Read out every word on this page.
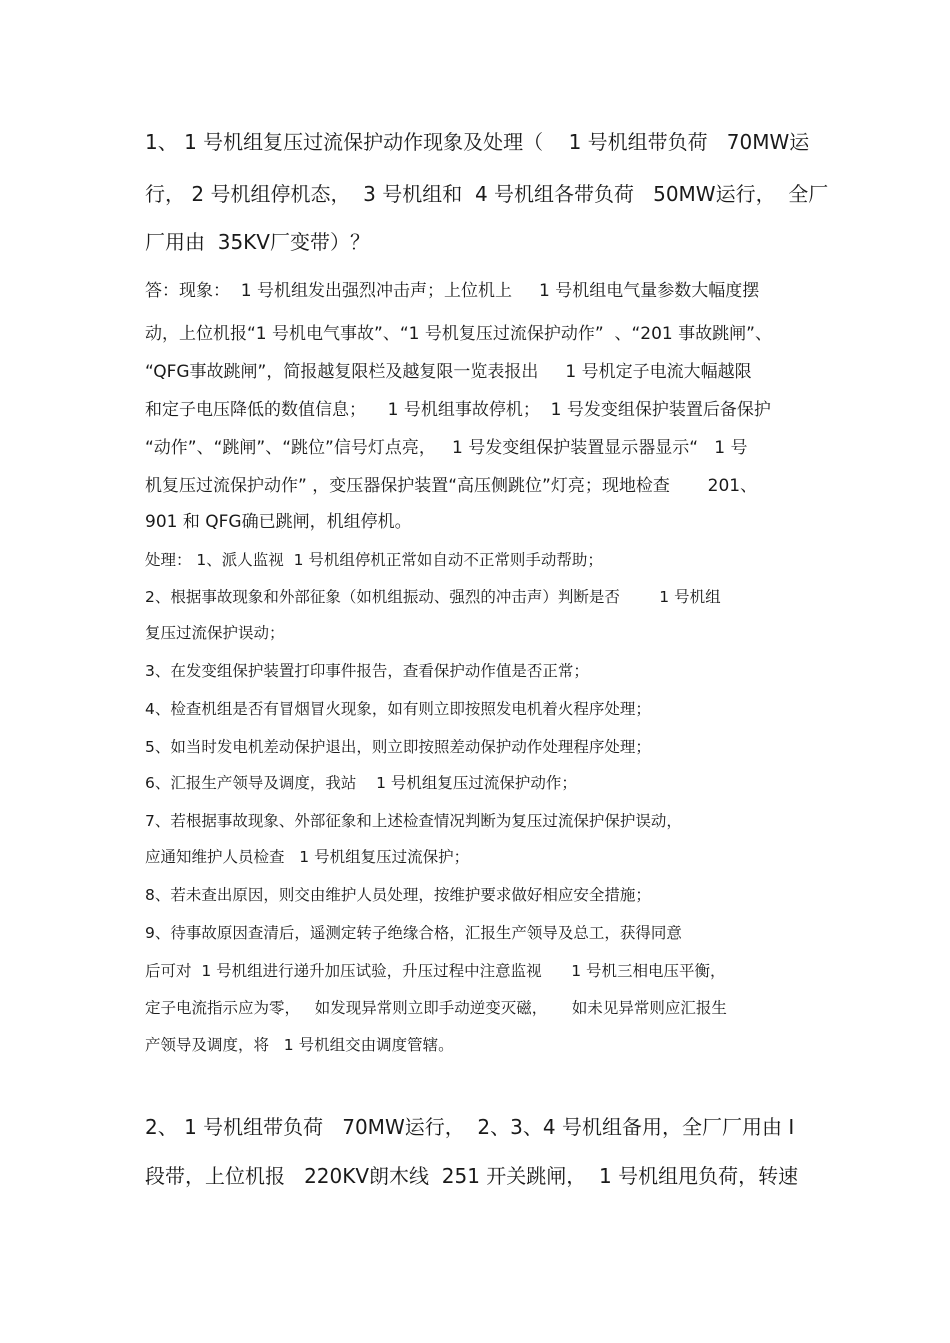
1、 1 号机组复压过流保护动作现象及处理（    1 号机组带负荷   70MW运
行， 2 号机组停机态，  3 号机组和  4 号机组各带负荷   50MW运行，  全厂
厂用由  35KV厂变带）？
答：现象：  1 号机组发出强烈冲击声；上位机上     1 号机组电气量参数大幅度摆
动，上位机报“1 号机电气事故”、“1 号机复压过流保护动作”  、“201 事故跳闸”、
“QFG事故跳闸”，简报越复限栏及越复限一览表报出     1 号机定子电流大幅越限
和定子电压降低的数值信息；    1 号机组事故停机；  1 号发变组保护装置后备保护
“动作”、“跳闸”、“跳位”信号灯点亮，   1 号发变组保护装置显示器显示“   1 号
机复压过流保护动作” ，变压器保护装置“高压侧跳位”灯亮；现地检查       201、
901 和 QFG确已跳闸，机组停机。
处理： 1、派人监视  1 号机组停机正常如自动不正常则手动帮助；
2、根据事故现象和外部征象（如机组振动、强烈的冲击声）判断是否        1 号机组
复压过流保护误动；
3、在发变组保护装置打印事件报告，查看保护动作值是否正常；
4、检查机组是否有冒烟冒火现象，如有则立即按照发电机着火程序处理；
5、如当时发电机差动保护退出，则立即按照差动保护动作处理程序处理；
6、汇报生产领导及调度，我站    1 号机组复压过流保护动作；
7、若根据事故现象、外部征象和上述检查情况判断为复压过流保护保护误动，
应通知维护人员检查   1 号机组复压过流保护；
8、若未查出原因，则交由维护人员处理，按维护要求做好相应安全措施；
9、待事故原因查清后，遥测定转子绝缘合格，汇报生产领导及总工，获得同意
后可对  1 号机组进行递升加压试验，升压过程中注意监视      1 号机三相电压平衡，
定子电流指示应为零，   如发现异常则立即手动逆变灭磁，     如未见异常则应汇报生
产领导及调度，将   1 号机组交由调度管辖。
2、 1 号机组带负荷   70MW运行，  2、3、4 号机组备用，全厂厂用由 I
段带，上位机报   220KV朗木线  251 开关跳闸，  1 号机组甩负荷，转速
